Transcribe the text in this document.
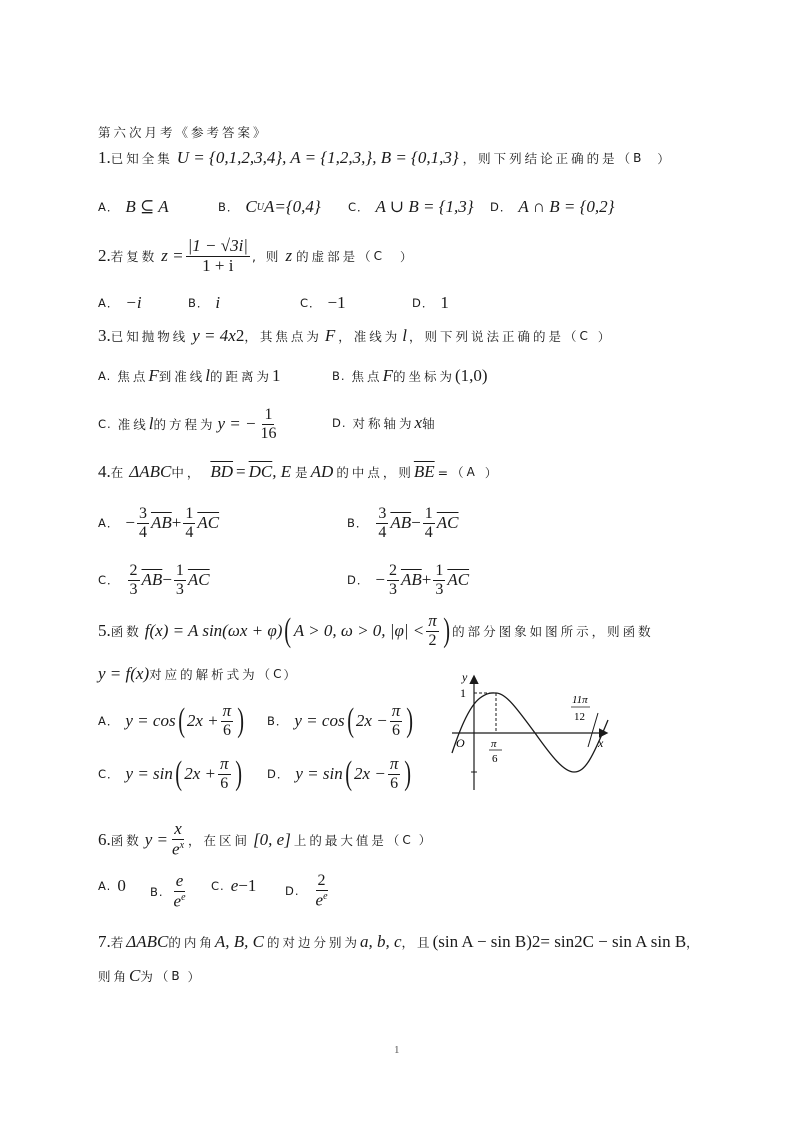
第六次月考《参考答案》
1. 已知全集 U = {0,1,2,3,4}, A = {1,2,3,}, B = {0,1,3} ，则下列结论正确的是（ B ）
A． B ⊆ A	B． C U A={0,4} C． A ∪ B = {1,3} D． A ∩ B = {0,2}
2. 若复数 $z = \frac{|1 - √3i|}{1 + i}$ , 则 z 的虚部是（ C ）
A． −i	B． i	C． −1	D． 1
3. 已知抛物线 y = 4x 2 ，其焦点为 F ，准线为 l ，则下列说法正确的是（ C ）
A. 焦点 F 到准线 l 的距离为 1	B. 焦点 F 的坐标为 (1,0)
C. 准线 l 的方程为 y = − $\frac{1}{16}$	D. 对称轴为 x 轴
4. 在 ΔABC 中， $\overline{BD} = \overline{DC}$ , E 是 AD 的中点，则 $\overline{BE}$ =（ A ）
A． − $\frac{3}{4} \overline{AB} + \frac{1}{4} \overline{AC}$	B． $\frac{3}{4} \overline{AB} - \frac{1}{4} \overline{AC}$
C． $\frac{2}{3} \overline{AB} - \frac{1}{3} \overline{AC}$	D． − $\frac{2}{3} \overline{AB} + \frac{1}{3} \overline{AC}$
5. 函数 f(x) = A sin(ωx + φ) ( A > 0, ω > 0, $|\varphi| < \frac{\pi}{2}$ ) 的部分图象如图所示，则函数
y = f(x) 对应的解析式为（ C ）
A． y = cos ( $2x + \frac{\pi}{6}$ ) B． y = cos ( $2x - \frac{\pi}{6}$ )
C． y = sin ( $2x + \frac{\pi}{6}$ ) D． y = sin ( $2x - \frac{\pi}{6}$ )
y
x
O
1
π
6
11π
12
6. 函数 $y = \frac{x}{e^x}$ ，在区间 [0, e] 上的最大值是（ C ）
A. 0 B. $\frac{e}{e^e} C$. e −1 D. $\frac{2}{e^e}$
7. 若 ΔABC 的内角 A, B, C 的对边分别为 a, b, c ，且 (sin A − sin B) 2 = sin 2 C − sin A sin B ，
则角 C 为（ B ）
1
